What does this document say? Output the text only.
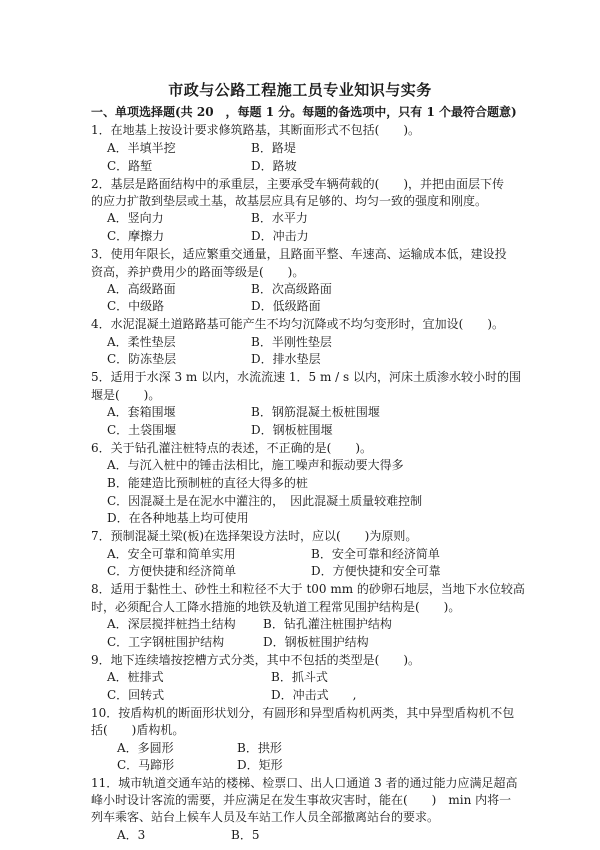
市政与公路工程施工员专业知识与实务
一、单项选择题(共 20　，每题 1 分。每题的备选项中，只有 1 个最符合题意)
1．在地基上按设计要求修筑路基，其断面形式不包括(　　)。
A．半填半挖	B．路堤
C．路堑	D．路坡
2．基层是路面结构中的承重层，主要承受车辆荷载的(　　)，并把由面层下传
的应力扩散到垫层或土基，故基层应具有足够的、均匀一致的强度和刚度。
A．竖向力	B．水平力
C．摩擦力	D．冲击力
3．使用年限长，适应繁重交通量，且路面平整、车速高、运输成本低，建设投
资高，养护费用少的路面等级是(　　)。
A．高级路面	B．次高级路面
C．中级路	D．低级路面
4．水泥混凝土道路路基可能产生不均匀沉降或不均匀变形时，宜加设(　　)。
A．柔性垫层	B．半刚性垫层
C．防冻垫层	D．排水垫层
5．适用于水深 3 m 以内，水流流速 1．5 m / s 以内，河床土质渗水较小时的围
堰是(　　)。
A．套箱围堰	B．钢筋混凝土板桩围堰
C．土袋围堰	D．钢板桩围堰
6．关于钻孔灌注桩特点的表述，不正确的是(　　)。
A．与沉入桩中的锤击法相比，施工噪声和振动要大得多
B．能建造比预制桩的直径大得多的桩
C．因混凝土是在泥水中灌注的，　因此混凝土质量较难控制
D．在各种地基上均可使用
7．预制混凝土梁(板)在选择架设方法时，应以(　　)为原则。
A．安全可靠和简单实用	B．安全可靠和经济简单
C．方便快捷和经济简单	D．方便快捷和安全可靠
8．适用于黏性土、砂性土和粒径不大于 t00 mm 的砂卵石地层，当地下水位较高
时，必须配合人工降水措施的地铁及轨道工程常见围护结构是(　　)。
A．深层搅拌桩挡土结构 B．钻孔灌注桩围护结构
C．工字钢桩围护结构	D．钢板桩围护结构
9．地下连续墙按挖槽方式分类，其中不包括的类型是(　　)。
A．桩排式	B．抓斗式
C．回转式	D．冲击式　　,
10．按盾构机的断面形状划分，有圆形和异型盾构机两类，其中异型盾构机不包
括(　　)盾构机。
A．多圆形	B．拱形
C．马蹄形	D．矩形
11．城市轨道交通车站的楼梯、检票口、出人口通道 3 者的通过能力应满足超高
峰小时设计客流的需要，并应满足在发生事故灾害时，能在(　　)　min 内将一
列车乘客、站台上候车人员及车站工作人员全部撤离站台的要求。
A．3	B．5
